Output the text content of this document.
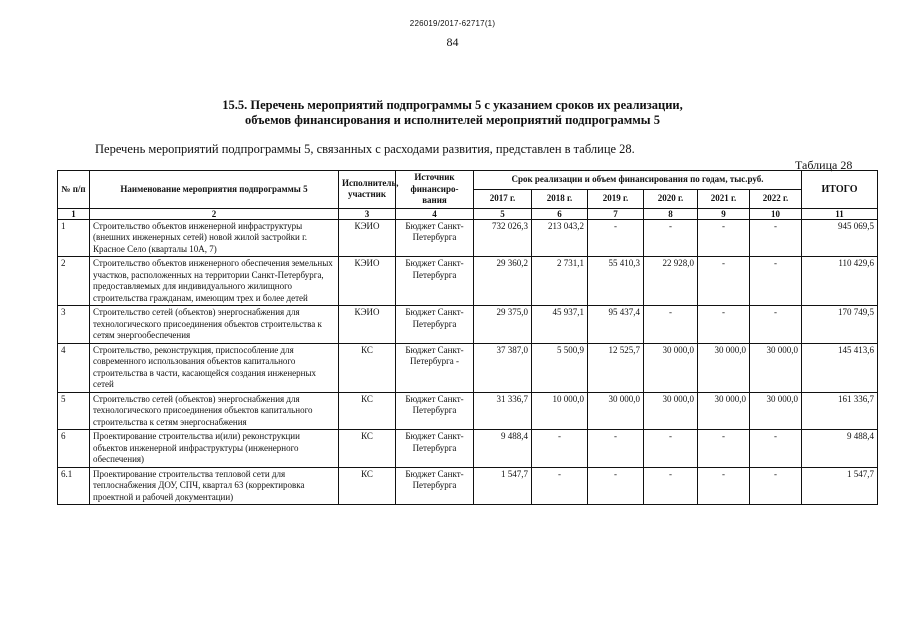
226019/2017-62717(1)
84
15.5. Перечень мероприятий подпрограммы 5 с указанием сроков их реализации,
объемов финансирования и исполнителей мероприятий подпрограммы 5
Перечень мероприятий подпрограммы 5, связанных с расходами развития, представлен в таблице 28.
Таблица 28
№ п/п	Наименование мероприятия подпрограммы 5	Исполнитель, участник	Источник финансиро-вания	Срок реализации и объем финансирования по годам, тыс.руб.						ИТОГО
				2017 г.	2018 г.	2019 г.	2020 г.	2021 г.	2022 г.	
1	2	3	4	5	6	7	8	9	10	11
1	Строительство объектов инженерной инфраструктуры (внешних инженерных сетей) новой жилой застройки г. Красное Село (кварталы 10А, 7)	КЭИО	Бюджет Санкт-Петербурга	732 026,3	213 043,2	-	-	-	-	945 069,5
2	Строительство объектов инженерного обеспечения земельных участков, расположенных на территории Санкт-Петербурга, предоставляемых для индивидуального жилищного строительства гражданам, имеющим трех и более детей	КЭИО	Бюджет Санкт-Петербурга	29 360,2	2 731,1	55 410,3	22 928,0	-	-	110 429,6
3	Строительство сетей (объектов) энергоснабжения для технологического присоединения объектов строительства к сетям энергообеспечения	КЭИО	Бюджет Санкт-Петербурга	29 375,0	45 937,1	95 437,4	-	-	-	170 749,5
4	Строительство, реконструкция, приспособление для современного использования объектов капитального строительства в части, касающейся создания инженерных сетей	КС	Бюджет Санкт-Петербурга -	37 387,0	5 500,9	12 525,7	30 000,0	30 000,0	30 000,0	145 413,6
5	Строительство сетей (объектов) энергоснабжения для технологического присоединения объектов капитального строительства к сетям энергоснабжения	КС	Бюджет Санкт-Петербурга	31 336,7	10 000,0	30 000,0	30 000,0	30 000,0	30 000,0	161 336,7
6	Проектирование строительства и(или) реконструкции объектов инженерной инфраструктуры (инженерного обеспечения)	КС	Бюджет Санкт-Петербурга	9 488,4	-	-	-	-	-	9 488,4
6.1	Проектирование строительства тепловой сети для теплоснабжения ДОУ, СПЧ, квартал 63 (корректировка проектной и рабочей документации)	КС	Бюджет Санкт-Петербурга	1 547,7	-	-	-	-	-	1 547,7
